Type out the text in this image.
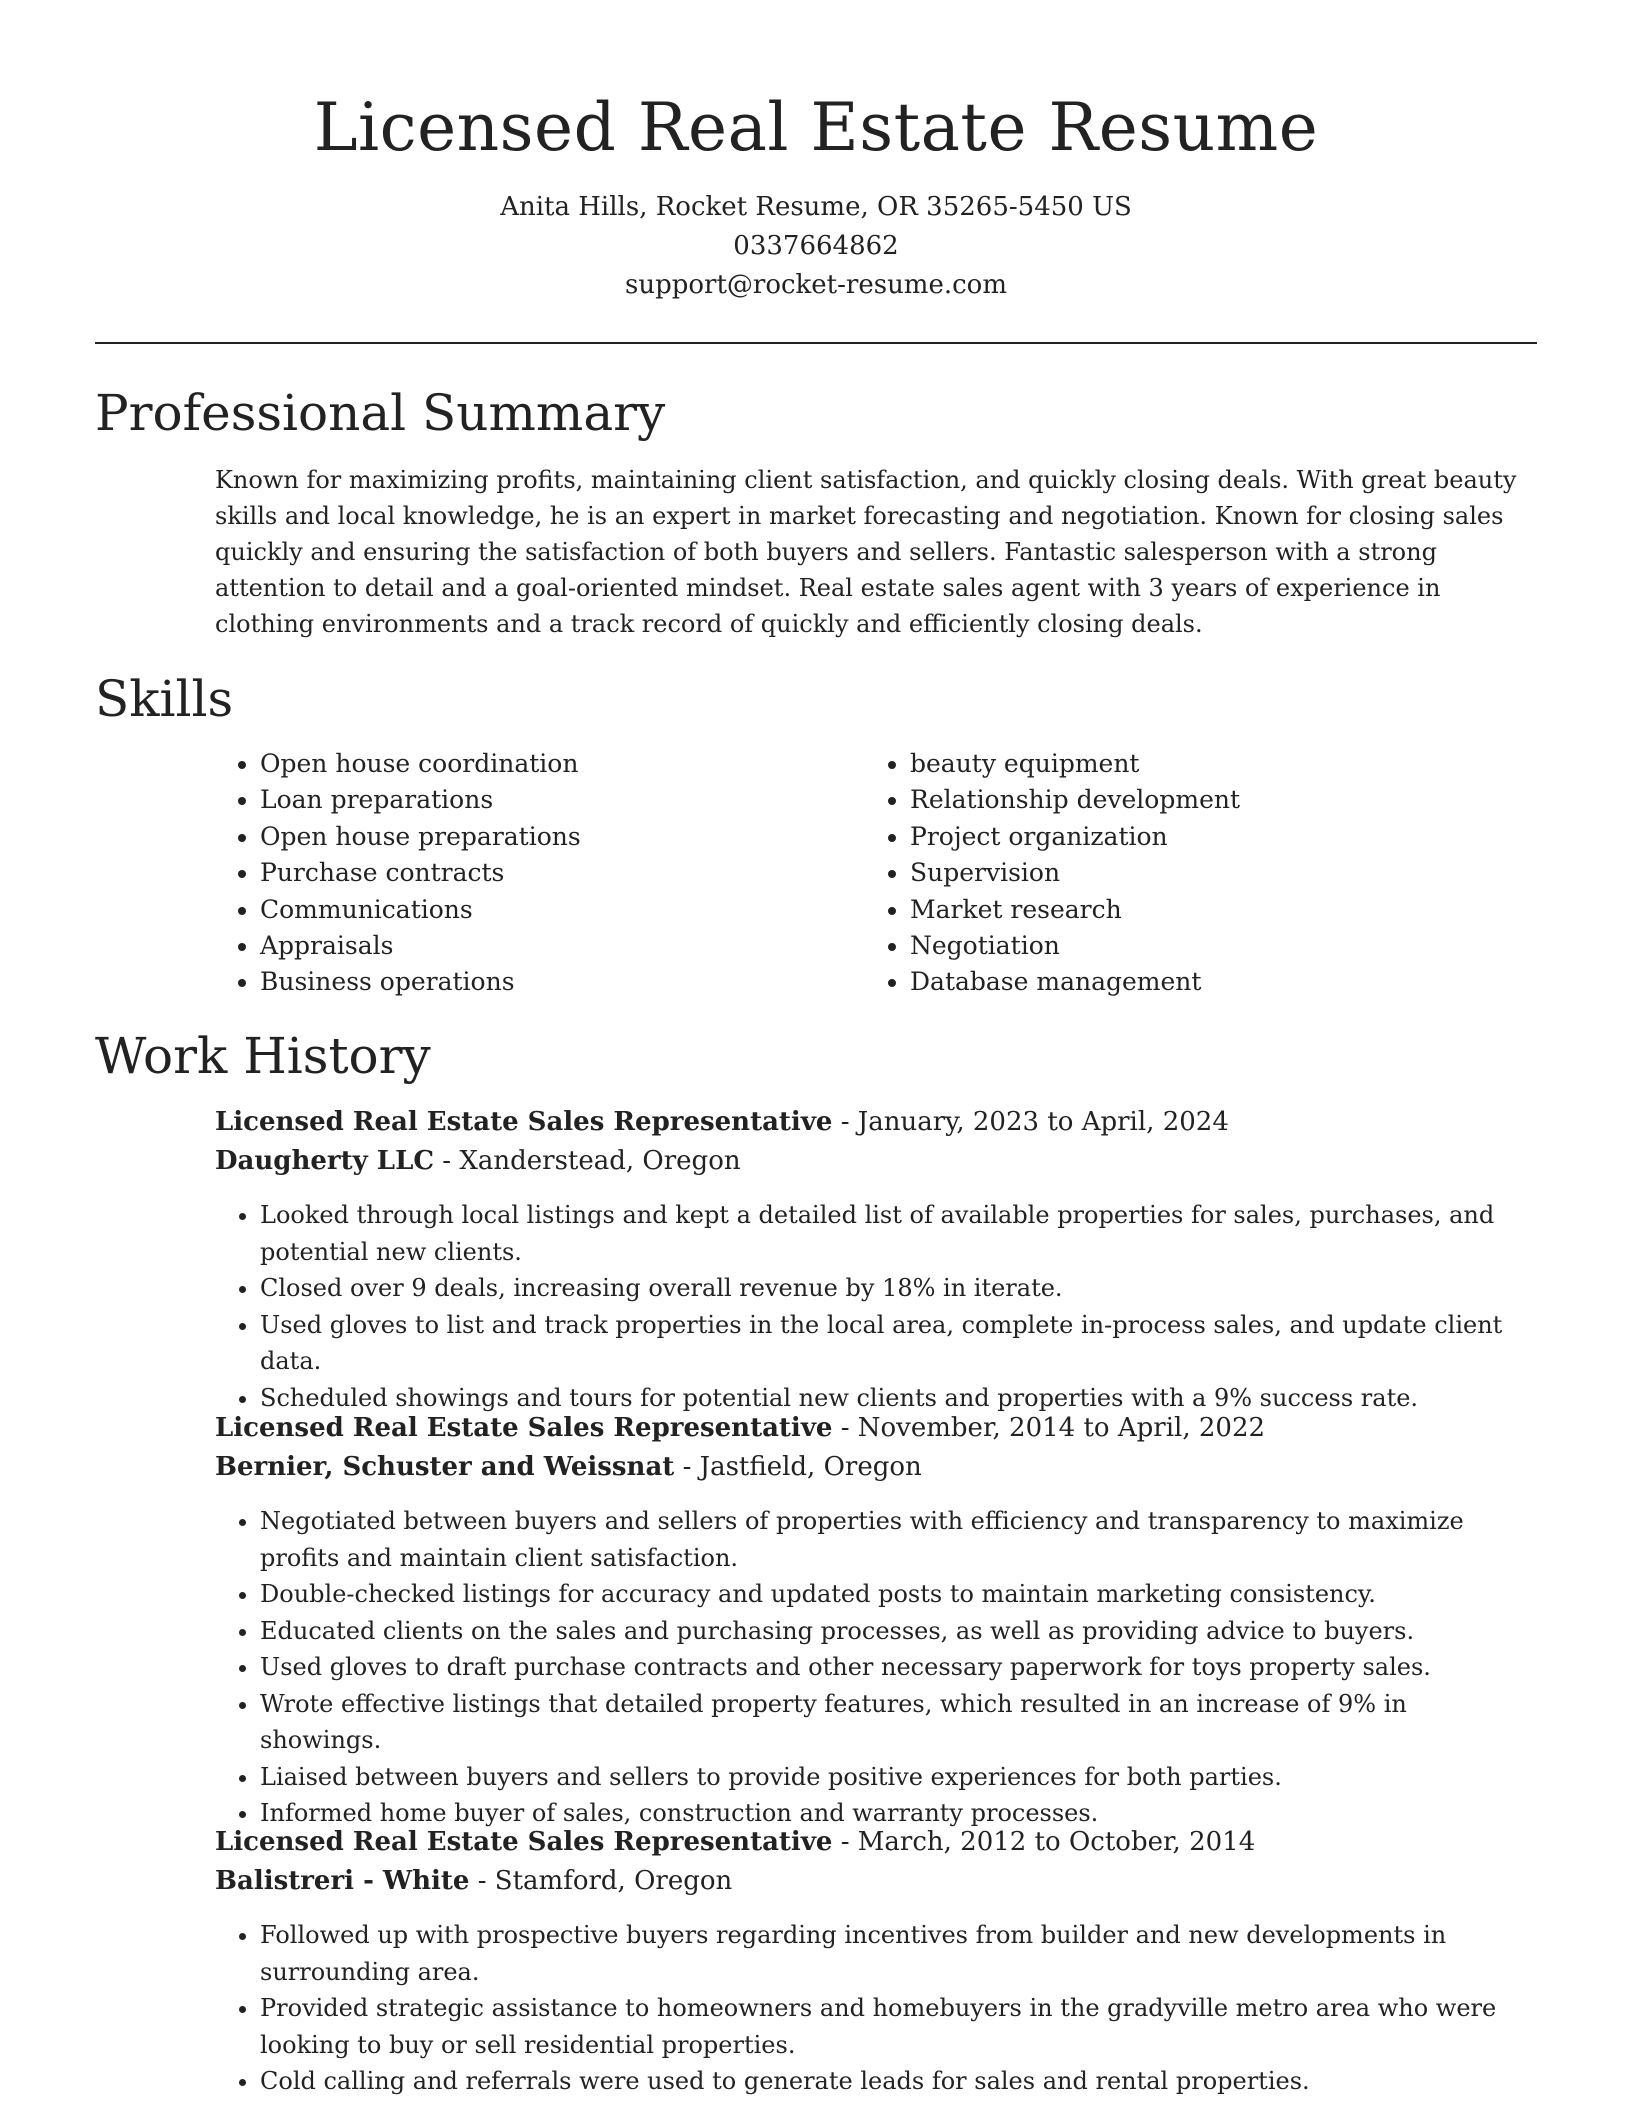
Licensed Real Estate Resume
Anita Hills, Rocket Resume, OR 35265-5450 US
0337664862
support@rocket-resume.com
Professional Summary

Known for maximizing profits, maintaining client satisfaction, and quickly closing deals. With great beauty skills and local knowledge, he is an expert in market forecasting and negotiation. Known for closing sales quickly and ensuring the satisfaction of both buyers and sellers. Fantastic salesperson with a strong attention to detail and a goal-oriented mindset. Real estate sales agent with 3 years of experience in clothing environments and a track record of quickly and efficiently closing deals.

Skills
• Open house coordination
• Loan preparations
• Open house preparations
• Purchase contracts
• Communications
• Appraisals
• Business operations
• beauty equipment
• Relationship development
• Project organization
• Supervision
• Market research
• Negotiation
• Database management
Work History
Licensed Real Estate Sales Representative - January, 2023 to April, 2024
Daugherty LLC - Xanderstead, Oregon
• Looked through local listings and kept a detailed list of available properties for sales, purchases, and potential new clients.
• Closed over 9 deals, increasing overall revenue by 18% in iterate.
• Used gloves to list and track properties in the local area, complete in-process sales, and update client data.
• Scheduled showings and tours for potential new clients and properties with a 9% success rate.
Licensed Real Estate Sales Representative - November, 2014 to April, 2022
Bernier, Schuster and Weissnat - Jastfield, Oregon
• Negotiated between buyers and sellers of properties with efficiency and transparency to maximize profits and maintain client satisfaction.
• Double-checked listings for accuracy and updated posts to maintain marketing consistency.
• Educated clients on the sales and purchasing processes, as well as providing advice to buyers.
• Used gloves to draft purchase contracts and other necessary paperwork for toys property sales.
• Wrote effective listings that detailed property features, which resulted in an increase of 9% in showings.
• Liaised between buyers and sellers to provide positive experiences for both parties.
• Informed home buyer of sales, construction and warranty processes.
Licensed Real Estate Sales Representative - March, 2012 to October, 2014
Balistreri - White - Stamford, Oregon
• Followed up with prospective buyers regarding incentives from builder and new developments in surrounding area.
• Provided strategic assistance to homeowners and homebuyers in the gradyville metro area who were looking to buy or sell residential properties.
• Cold calling and referrals were used to generate leads for sales and rental properties.
